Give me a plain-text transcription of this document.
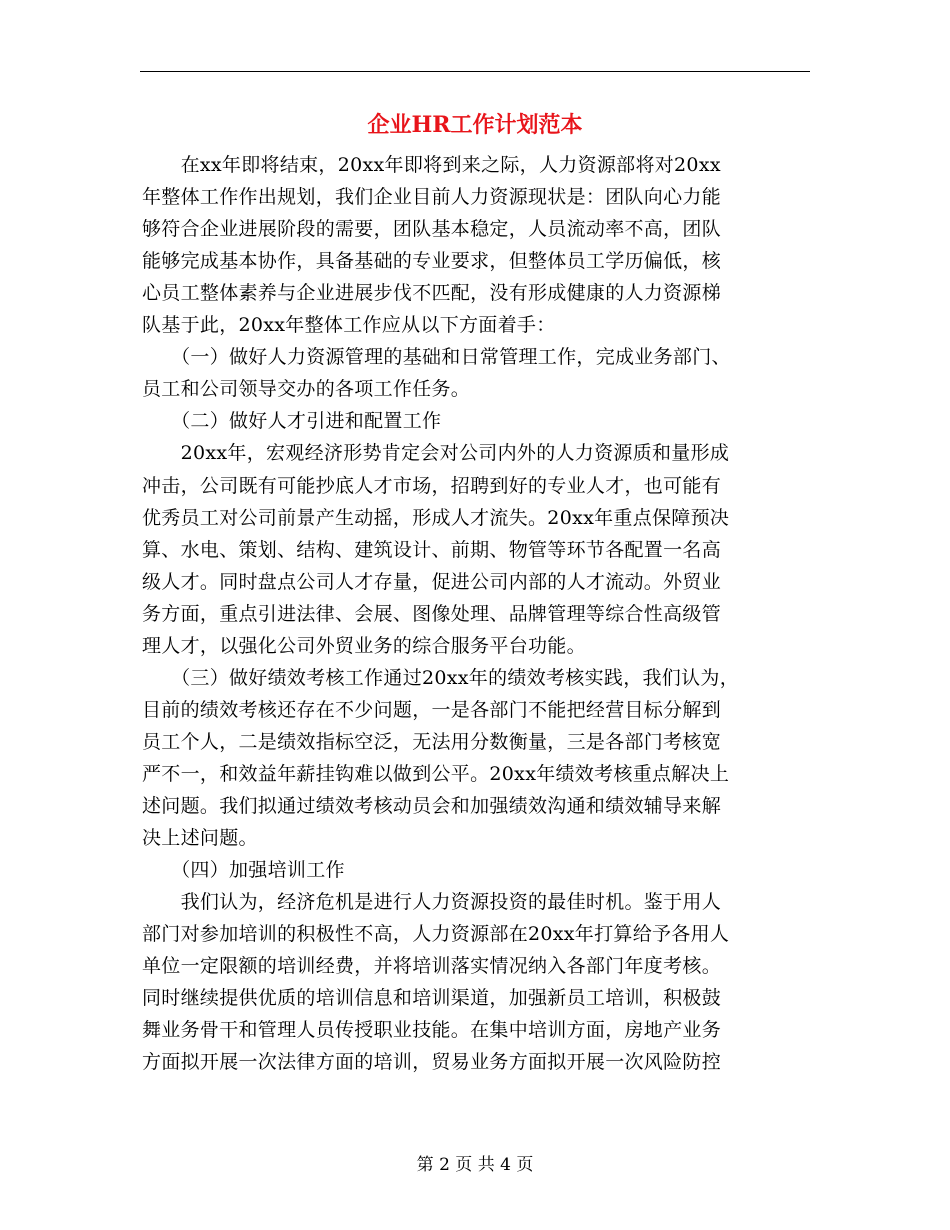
企业HR工作计划范本
　　在xx年即将结束，20xx年即将到来之际，人力资源部将对20xx
年整体工作作出规划，我们企业目前人力资源现状是：团队向心力能
够符合企业进展阶段的需要，团队基本稳定，人员流动率不高，团队
能够完成基本协作，具备基础的专业要求，但整体员工学历偏低，核
心员工整体素养与企业进展步伐不匹配，没有形成健康的人力资源梯
队基于此，20xx年整体工作应从以下方面着手：
　　（一）做好人力资源管理的基础和日常管理工作，完成业务部门、
员工和公司领导交办的各项工作任务。
　　（二）做好人才引进和配置工作
　　20xx年，宏观经济形势肯定会对公司内外的人力资源质和量形成
冲击，公司既有可能抄底人才市场，招聘到好的专业人才，也可能有
优秀员工对公司前景产生动摇，形成人才流失。20xx年重点保障预决
算、水电、策划、结构、建筑设计、前期、物管等环节各配置一名高
级人才。同时盘点公司人才存量，促进公司内部的人才流动。外贸业
务方面，重点引进法律、会展、图像处理、品牌管理等综合性高级管
理人才，以强化公司外贸业务的综合服务平台功能。
　　（三）做好绩效考核工作通过20xx年的绩效考核实践，我们认为，
目前的绩效考核还存在不少问题，一是各部门不能把经营目标分解到
员工个人，二是绩效指标空泛，无法用分数衡量，三是各部门考核宽
严不一，和效益年薪挂钩难以做到公平。20xx年绩效考核重点解决上
述问题。我们拟通过绩效考核动员会和加强绩效沟通和绩效辅导来解
决上述问题。
　　（四）加强培训工作
　　我们认为，经济危机是进行人力资源投资的最佳时机。鉴于用人
部门对参加培训的积极性不高，人力资源部在20xx年打算给予各用人
单位一定限额的培训经费，并将培训落实情况纳入各部门年度考核。
同时继续提供优质的培训信息和培训渠道，加强新员工培训，积极鼓
舞业务骨干和管理人员传授职业技能。在集中培训方面，房地产业务
方面拟开展一次法律方面的培训，贸易业务方面拟开展一次风险防控
第 2 页 共 4 页
